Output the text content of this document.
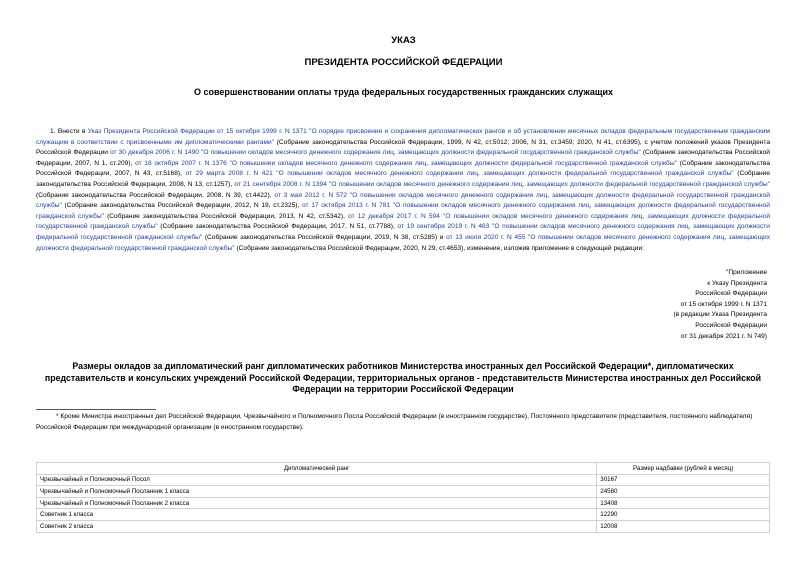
УКАЗ
ПРЕЗИДЕНТА РОССИЙСКОЙ ФЕДЕРАЦИИ
О совершенствовании оплаты труда федеральных государственных гражданских служащих
1. Внести в Указ Президента Российской Федерации от 15 октября 1999 г. N 1371 "О порядке присвоения и сохранения дипломатических рангов и об установлении месячных окладов федеральным государственным гражданским служащим в соответствии с присвоенными им дипломатическими рангами" (Собрание законодательства Российской Федерации, 1999, N 42, ст.5012; 2006, N 31, ст.3459; 2020, N 41, ст.6395), с учетом положений указов Президента Российской Федерации от 30 декабря 2006 г. N 1490 "О повышении окладов месячного денежного содержания лиц, замещающих должности федеральной государственной гражданской службы" (Собрание законодательства Российской Федерации, 2007, N 1, ст.209), от 18 октября 2007 г. N 1376 "О повышении окладов месячного денежного содержания лиц, замещающих должности федеральной государственной гражданской службы" (Собрание законодательства Российской Федерации, 2007, N 43, ст.5168), от 29 марта 2008 г. N 421 "О повышении окладов месячного денежного содержания лиц, замещающих должности федеральной государственной гражданской службы" (Собрание законодательства Российской Федерации, 2008, N 13, ст.1257), от 21 сентября 2008 г. N 1394 "О повышении окладов месячного денежного содержания лиц, замещающих должности федеральной государственной гражданской службы" (Собрание законодательства Российской Федерации, 2008, N 39, ст.4422), от 3 мая 2012 г. N 572 "О повышении окладов месячного денежного содержания лиц, замещающих должности федеральной государственной гражданской службы" (Собрание законодательства Российской Федерации, 2012, N 19, ст.2325), от 17 октября 2013 г. N 781 "О повышении окладов месячного денежного содержания лиц, замещающих должности федеральной государственной гражданской службы" (Собрание законодательства Российской Федерации, 2013, N 42, ст.5342), от 12 декабря 2017 г. N 594 "О повышении окладов месячного денежного содержания лиц, замещающих должности федеральной государственной гражданской службы" (Собрание законодательства Российской Федерации, 2017, N 51, ст.7788), от 19 сентября 2019 г. N 463 "О повышении окладов месячного денежного содержания лиц, замещающих должности федеральной государственной гражданской службы" (Собрание законодательства Российской Федерации, 2019, N 38, ст.5285) и от 13 июля 2020 г. N 455 "О повышении окладов месячного денежного содержания лиц, замещающих должности федеральной государственной гражданской службы" (Собрание законодательства Российской Федерации, 2020, N 29, ст.4653), изменение, изложив приложение в следующей редакции:
"Приложение
к Указу Президента
Российской Федерации
от 15 октября 1999 г. N 1371
(в редакции Указа Президента
Российской Федерации
от 31 декабря 2021 г. N 749)
Размеры окладов за дипломатический ранг дипломатических работников Министерства иностранных дел Российской Федерации*, дипломатических представительств и консульских учреждений Российской Федерации, территориальных органов - представительств Министерства иностранных дел Российской Федерации на территории Российской Федерации
* Кроме Министра иностранных дел Российской Федерации, Чрезвычайного и Полномочного Посла Российской Федерации (в иностранном государстве), Постоянного представителя (представителя, постоянного наблюдателя) Российской Федерации при международной организации (в иностранном государстве).
Дипломатический ранг	Размер надбавки (рублей в месяц)
Чрезвычайный и Полномочный Посол	30167
Чрезвычайный и Полномочный Посланник 1 класса	24580
Чрезвычайный и Полномочный Посланник 2 класса	13408
Советник 1 класса	12290
Советник 2 класса	12008
